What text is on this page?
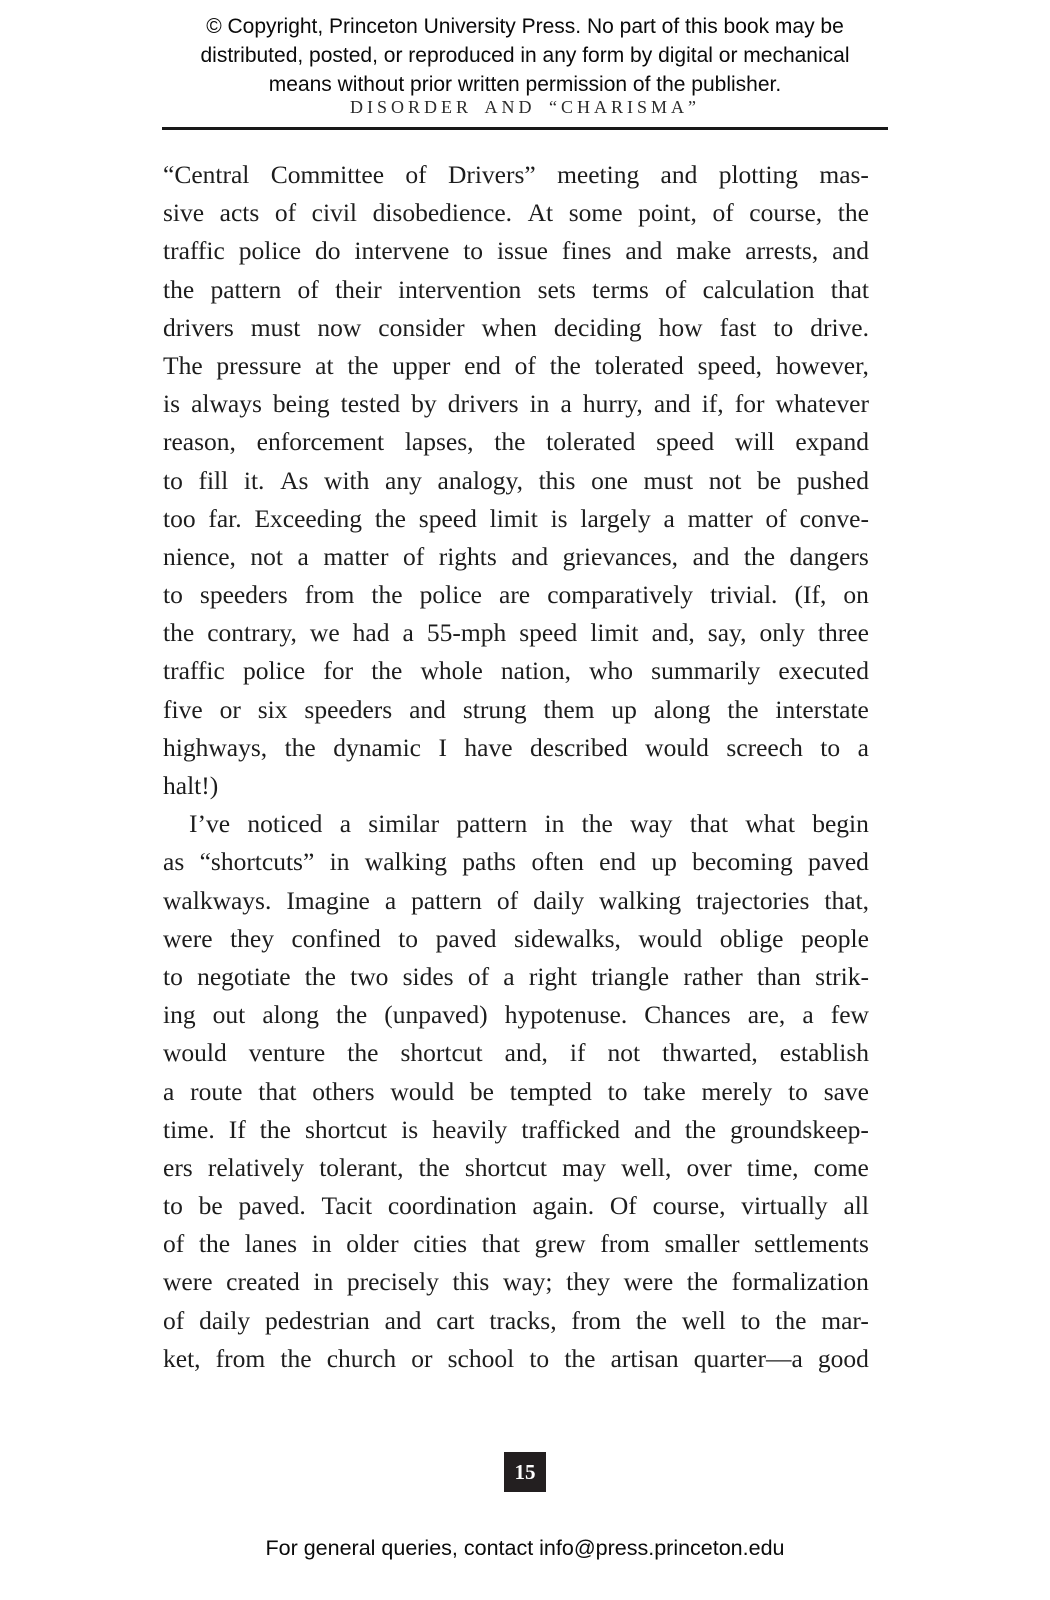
© Copyright, Princeton University Press. No part of this book may be
distributed, posted, or reproduced in any form by digital or mechanical
means without prior written permission of the publisher.
DISORDER AND “CHARISMA”
“Central Committee of Drivers” meeting and plotting mas-
sive acts of civil disobedience. At some point, of course, the
traffic police do intervene to issue fines and make arrests, and
the pattern of their intervention sets terms of calculation that
drivers must now consider when deciding how fast to drive.
The pressure at the upper end of the tolerated speed, however,
is always being tested by drivers in a hurry, and if, for whatever
reason, enforcement lapses, the tolerated speed will expand
to fill it. As with any analogy, this one must not be pushed
too far. Exceeding the speed limit is largely a matter of conve-
nience, not a matter of rights and grievances, and the dangers
to speeders from the police are comparatively trivial. (If, on
the contrary, we had a 55-mph speed limit and, say, only three
traffic police for the whole nation, who summarily executed
five or six speeders and strung them up along the interstate
highways, the dynamic I have described would screech to a
halt!)
I’ve noticed a similar pattern in the way that what begin
as “shortcuts” in walking paths often end up becoming paved
walkways. Imagine a pattern of daily walking trajectories that,
were they confined to paved sidewalks, would oblige people
to negotiate the two sides of a right triangle rather than strik-
ing out along the (unpaved) hypotenuse. Chances are, a few
would venture the shortcut and, if not thwarted, establish
a route that others would be tempted to take merely to save
time. If the shortcut is heavily trafficked and the groundskeep-
ers relatively tolerant, the shortcut may well, over time, come
to be paved. Tacit coordination again. Of course, virtually all
of the lanes in older cities that grew from smaller settlements
were created in precisely this way; they were the formalization
of daily pedestrian and cart tracks, from the well to the mar-
ket, from the church or school to the artisan quarter—a good
15
For general queries, contact info@press.princeton.edu
